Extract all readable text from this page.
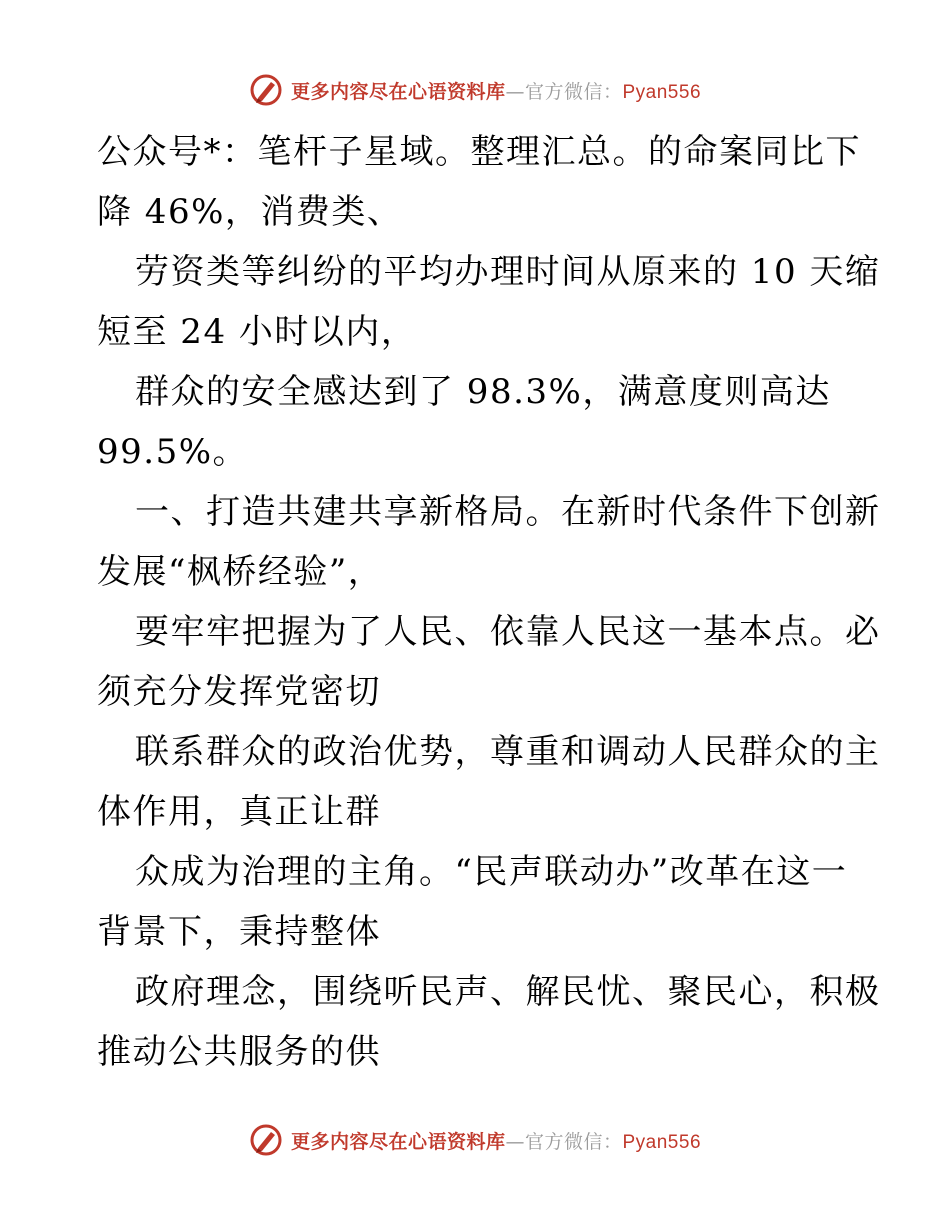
更多内容尽在心语资料库—官方微信：Pyan556
公众号*：笔杆子星域。整理汇总。的命案同比下
降 46%，消费类、
劳资类等纠纷的平均办理时间从原来的 10 天缩
短至 24 小时以内，
群众的安全感达到了 98.3%，满意度则高达
99.5%。
一、打造共建共享新格局。在新时代条件下创新
发展“枫桥经验”，
要牢牢把握为了人民、依靠人民这一基本点。必
须充分发挥党密切
联系群众的政治优势，尊重和调动人民群众的主
体作用，真正让群
众成为治理的主角。“民声联动办”改革在这一
背景下，秉持整体
政府理念，围绕听民声、解民忧、聚民心，积极
推动公共服务的供
更多内容尽在心语资料库—官方微信：Pyan556
